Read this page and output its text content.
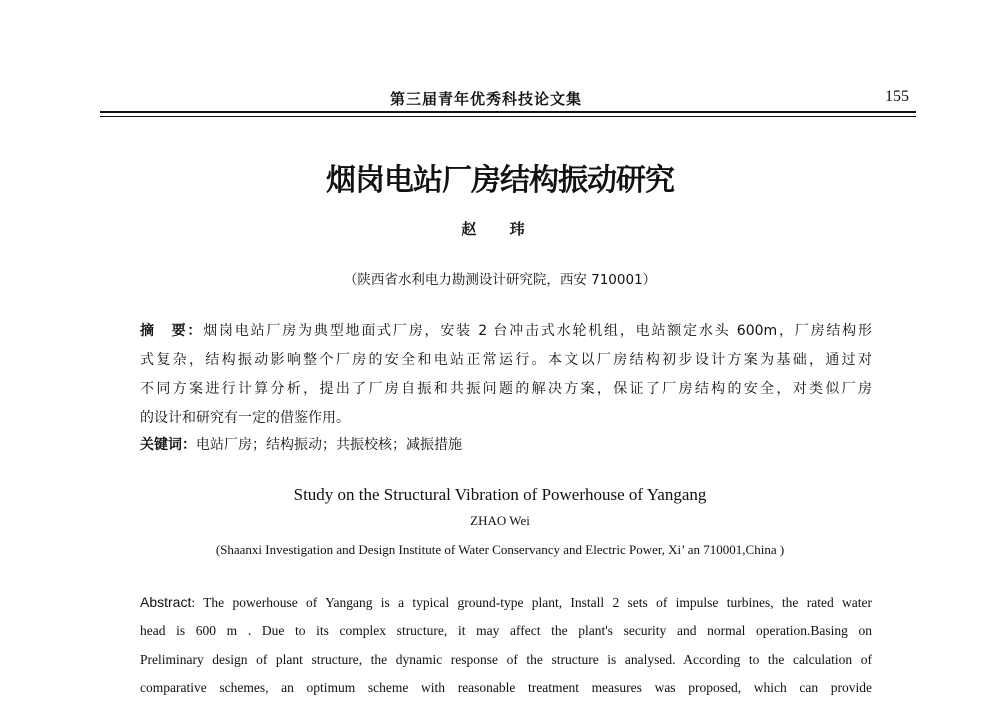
第三届青年优秀科技论文集	155
烟岗电站厂房结构振动研究
赵 玮
（陕西省水利电力勘测设计研究院，西安 710001）
摘　要：烟岗电站厂房为典型地面式厂房，安装 2 台冲击式水轮机组，电站额定水头 600m，厂房结构形
式复杂，结构振动影响整个厂房的安全和电站正常运行。本文以厂房结构初步设计方案为基础，通过对
不同方案进行计算分析，提出了厂房自振和共振问题的解决方案，保证了厂房结构的安全，对类似厂房
的设计和研究有一定的借鉴作用。
关键词：电站厂房；结构振动；共振校核；减振措施
Study on the Structural Vibration of Powerhouse of Yangang
ZHAO Wei
(Shaanxi Investigation and Design Institute of Water Conservancy and Electric Power, Xi’ an 710001,China )
Abstract: The powerhouse of Yangang is a typical ground-type plant, Install 2 sets of impulse turbines, the rated water
head is 600 m . Due to its complex structure, it may affect the plant's security and normal operation.Basing on
Preliminary design of plant structure, the dynamic response of the structure is analysed. According to the calculation of
comparative schemes, an optimum scheme with reasonable treatment measures was proposed, which can provide
